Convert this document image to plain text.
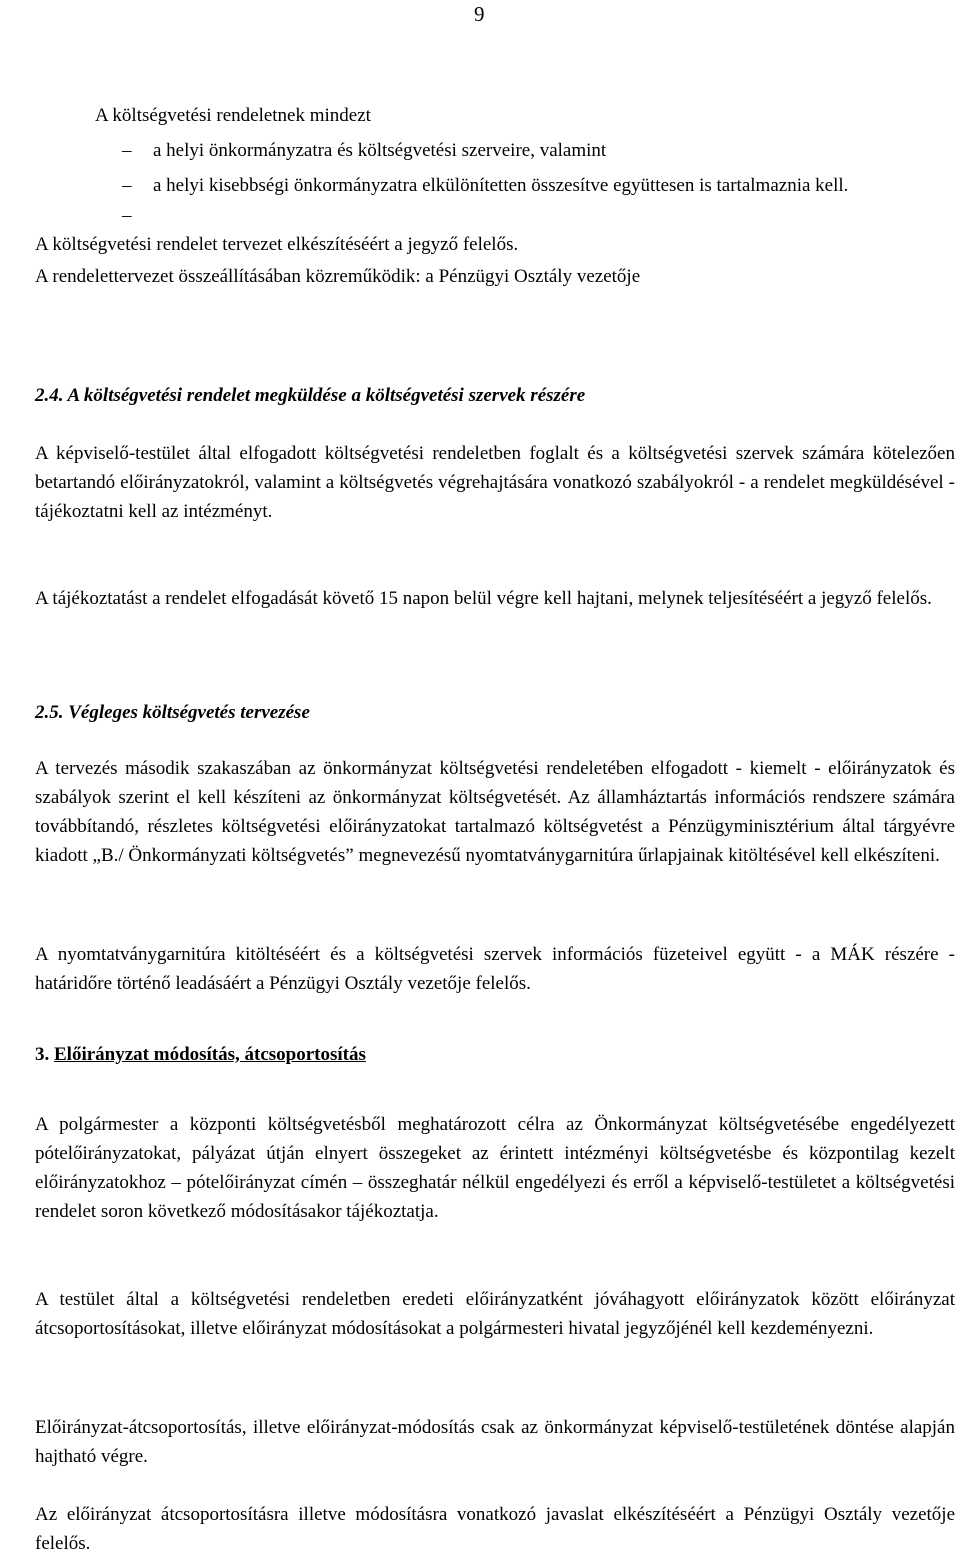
9

A költségvetési rendeletnek mindezt

– a helyi önkormányzatra és költségvetési szerveire, valamint

– a helyi kisebbségi önkormányzatra elkülönítetten összesítve együttesen is tartalmaznia kell.

–

A költségvetési rendelet tervezet elkészítéséért a jegyző felelős.

A rendelettervezet összeállításában közreműködik: a Pénzügyi Osztály vezetője

2.4. A költségvetési rendelet megküldése a költségvetési szervek részére

A képviselő-testület által elfogadott költségvetési rendeletben foglalt és a költségvetési szervek számára kötelezően betartandó előirányzatokról, valamint a költségvetés végrehajtására vonatkozó szabályokról - a rendelet megküldésével - tájékoztatni kell az intézményt.

A tájékoztatást a rendelet elfogadását követő 15 napon belül végre kell hajtani, melynek teljesítéséért a jegyző felelős.

2.5. Végleges költségvetés tervezése

A tervezés második szakaszában az önkormányzat költségvetési rendeletében elfogadott - kiemelt - előirányzatok és szabályok szerint el kell készíteni az önkormányzat költségvetését. Az államháztartás információs rendszere számára továbbítandó, részletes költségvetési előirányzatokat tartalmazó költségvetést a Pénzügyminisztérium által tárgyévre kiadott „B./ Önkormányzati költségvetés” megnevezésű nyomtatványgarnitúra űrlapjainak kitöltésével kell elkészíteni.

A nyomtatványgarnitúra kitöltéséért és a költségvetési szervek információs füzeteivel együtt - a MÁK részére - határidőre történő leadásáért a Pénzügyi Osztály vezetője felelős.

3. Előirányzat módosítás, átcsoportosítás

A polgármester a központi költségvetésből meghatározott célra az Önkormányzat költségvetésébe engedélyezett pótelőirányzatokat, pályázat útján elnyert összegeket az érintett intézményi költségvetésbe és központilag kezelt előirányzatokhoz – pótelőirányzat címén – összeghatár nélkül engedélyezi és erről a képviselő-testületet a költségvetési rendelet soron következő módosításakor tájékoztatja.

A testület által a költségvetési rendeletben eredeti előirányzatként jóváhagyott előirányzatok között előirányzat átcsoportosításokat, illetve előirányzat módosításokat a polgármesteri hivatal jegyzőjénél kell kezdeményezni.

Előirányzat-átcsoportosítás, illetve előirányzat-módosítás csak az önkormányzat képviselő-testületének döntése alapján hajtható végre.

Az előirányzat átcsoportosításra illetve módosításra vonatkozó javaslat elkészítéséért a Pénzügyi Osztály vezetője felelős.
